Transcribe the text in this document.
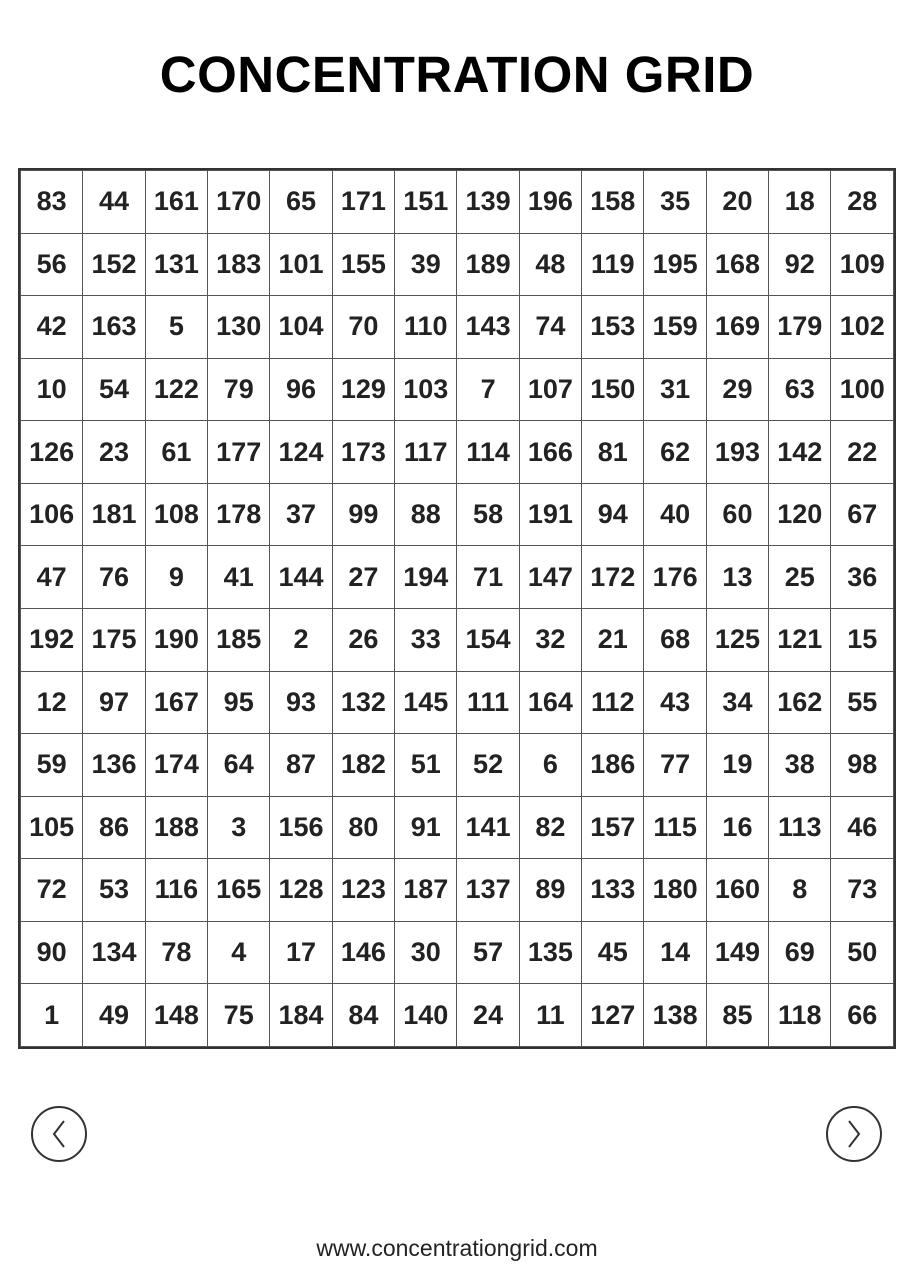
CONCENTRATION GRID
83	44	161	170	65	171	151	139	196	158	35	20	18	28
56	152	131	183	101	155	39	189	48	119	195	168	92	109
42	163	5	130	104	70	110	143	74	153	159	169	179	102
10	54	122	79	96	129	103	7	107	150	31	29	63	100
126	23	61	177	124	173	117	114	166	81	62	193	142	22
106	181	108	178	37	99	88	58	191	94	40	60	120	67
47	76	9	41	144	27	194	71	147	172	176	13	25	36
192	175	190	185	2	26	33	154	32	21	68	125	121	15
12	97	167	95	93	132	145	111	164	112	43	34	162	55
59	136	174	64	87	182	51	52	6	186	77	19	38	98
105	86	188	3	156	80	91	141	82	157	115	16	113	46
72	53	116	165	128	123	187	137	89	133	180	160	8	73
90	134	78	4	17	146	30	57	135	45	14	149	69	50
1	49	148	75	184	84	140	24	11	127	138	85	118	66
www.concentrationgrid.com
